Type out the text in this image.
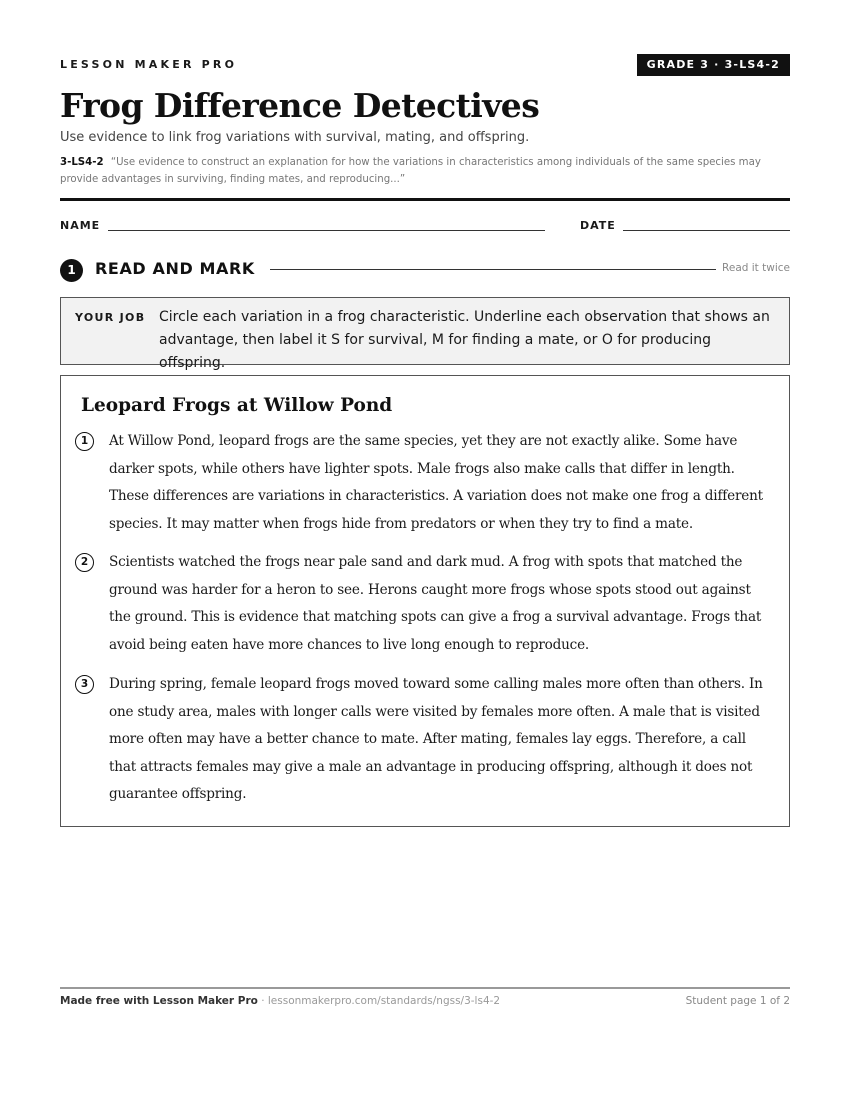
LESSON MAKER PRO	GRADE 3 · 3-LS4-2
Frog Difference Detectives
Use evidence to link frog variations with survival, mating, and offspring.
3-LS4-2 “Use evidence to construct an explanation for how the variations in characteristics among individuals of the same species may provide advantages in surviving, finding mates, and reproducing...”
NAME	DATE
1	READ AND MARK	Read it twice
YOUR JOB Circle each variation in a frog characteristic. Underline each observation that shows an advantage, then label it S for survival, M for finding a mate, or O for producing offspring.
Leopard Frogs at Willow Pond
1	At Willow Pond, leopard frogs are the same species, yet they are not exactly alike. Some have darker spots, while others have lighter spots. Male frogs also make calls that differ in length. These differences are variations in characteristics. A variation does not make one frog a different species. It may matter when frogs hide from predators or when they try to find a mate.
2	Scientists watched the frogs near pale sand and dark mud. A frog with spots that matched the ground was harder for a heron to see. Herons caught more frogs whose spots stood out against the ground. This is evidence that matching spots can give a frog a survival advantage. Frogs that avoid being eaten have more chances to live long enough to reproduce.
3	During spring, female leopard frogs moved toward some calling males more often than others. In one study area, males with longer calls were visited by females more often. A male that is visited more often may have a better chance to mate. After mating, females lay eggs. Therefore, a call that attracts females may give a male an advantage in producing offspring, although it does not guarantee offspring.
Made free with Lesson Maker Pro · lessonmakerpro.com/standards/ngss/3-ls4-2	Student page 1 of 2
